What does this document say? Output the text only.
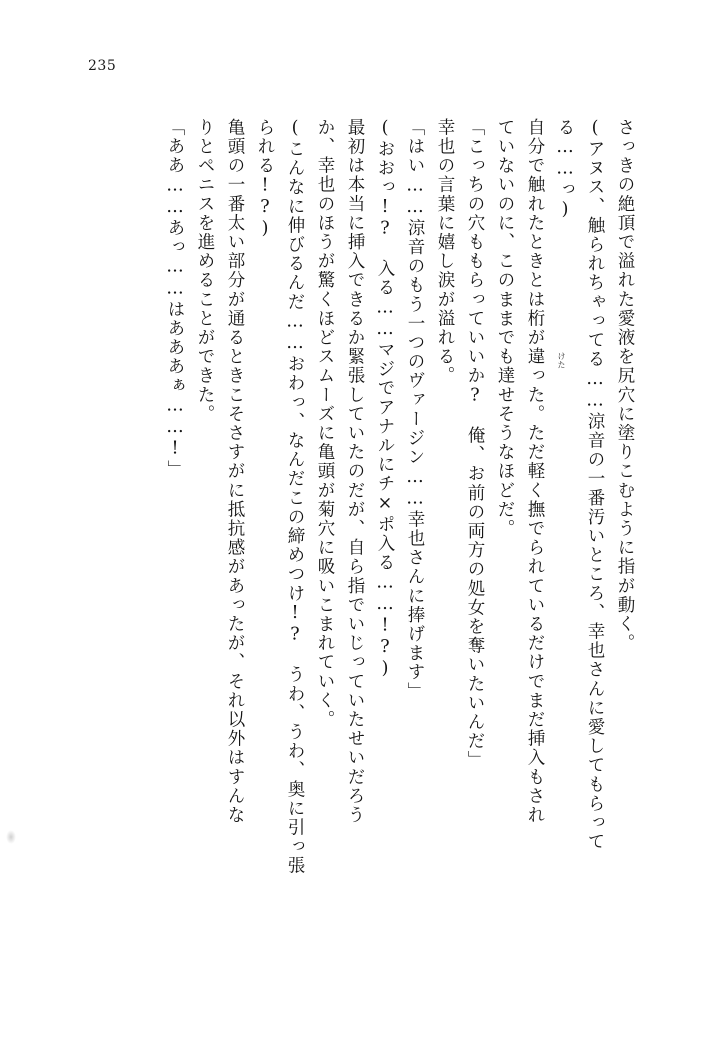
235
さっきの絶頂で溢れた愛液を尻穴に塗りこむように指が動く。
(アヌス、触られちゃってる……涼音の一番汚いところ、幸也さんに愛してもらって
る……っ)
自分で触れたときとは桁が違った。ただ軽く撫でられているだけでまだ挿入もされ
ていないのに、このままでも達せそうなほどだ。
「こっちの穴ももらっていいか?　俺、お前の両方の処女を奪いたいんだ」
幸也の言葉に嬉し涙が溢れる。
「はい……涼音のもう一つのヴァージン……幸也さんに捧げます」
(おおっ!?　入る……マジでアナルにチ×ポ入る……!?)
最初は本当に挿入できるか緊張していたのだが、自ら指でいじっていたせいだろう
か、幸也のほうが驚くほどスムーズに亀頭が菊穴に吸いこまれていく。
(こんなに伸びるんだ……おわっ、なんだこの締めつけ!?　うわ、うわ、奥に引っ張
られる!?)
亀頭の一番太い部分が通るときこそさすがに抵抗感があったが、それ以外はすんな
りとペニスを進めることができた。
「ああ……あっ……はあああぁ……!」	けた
